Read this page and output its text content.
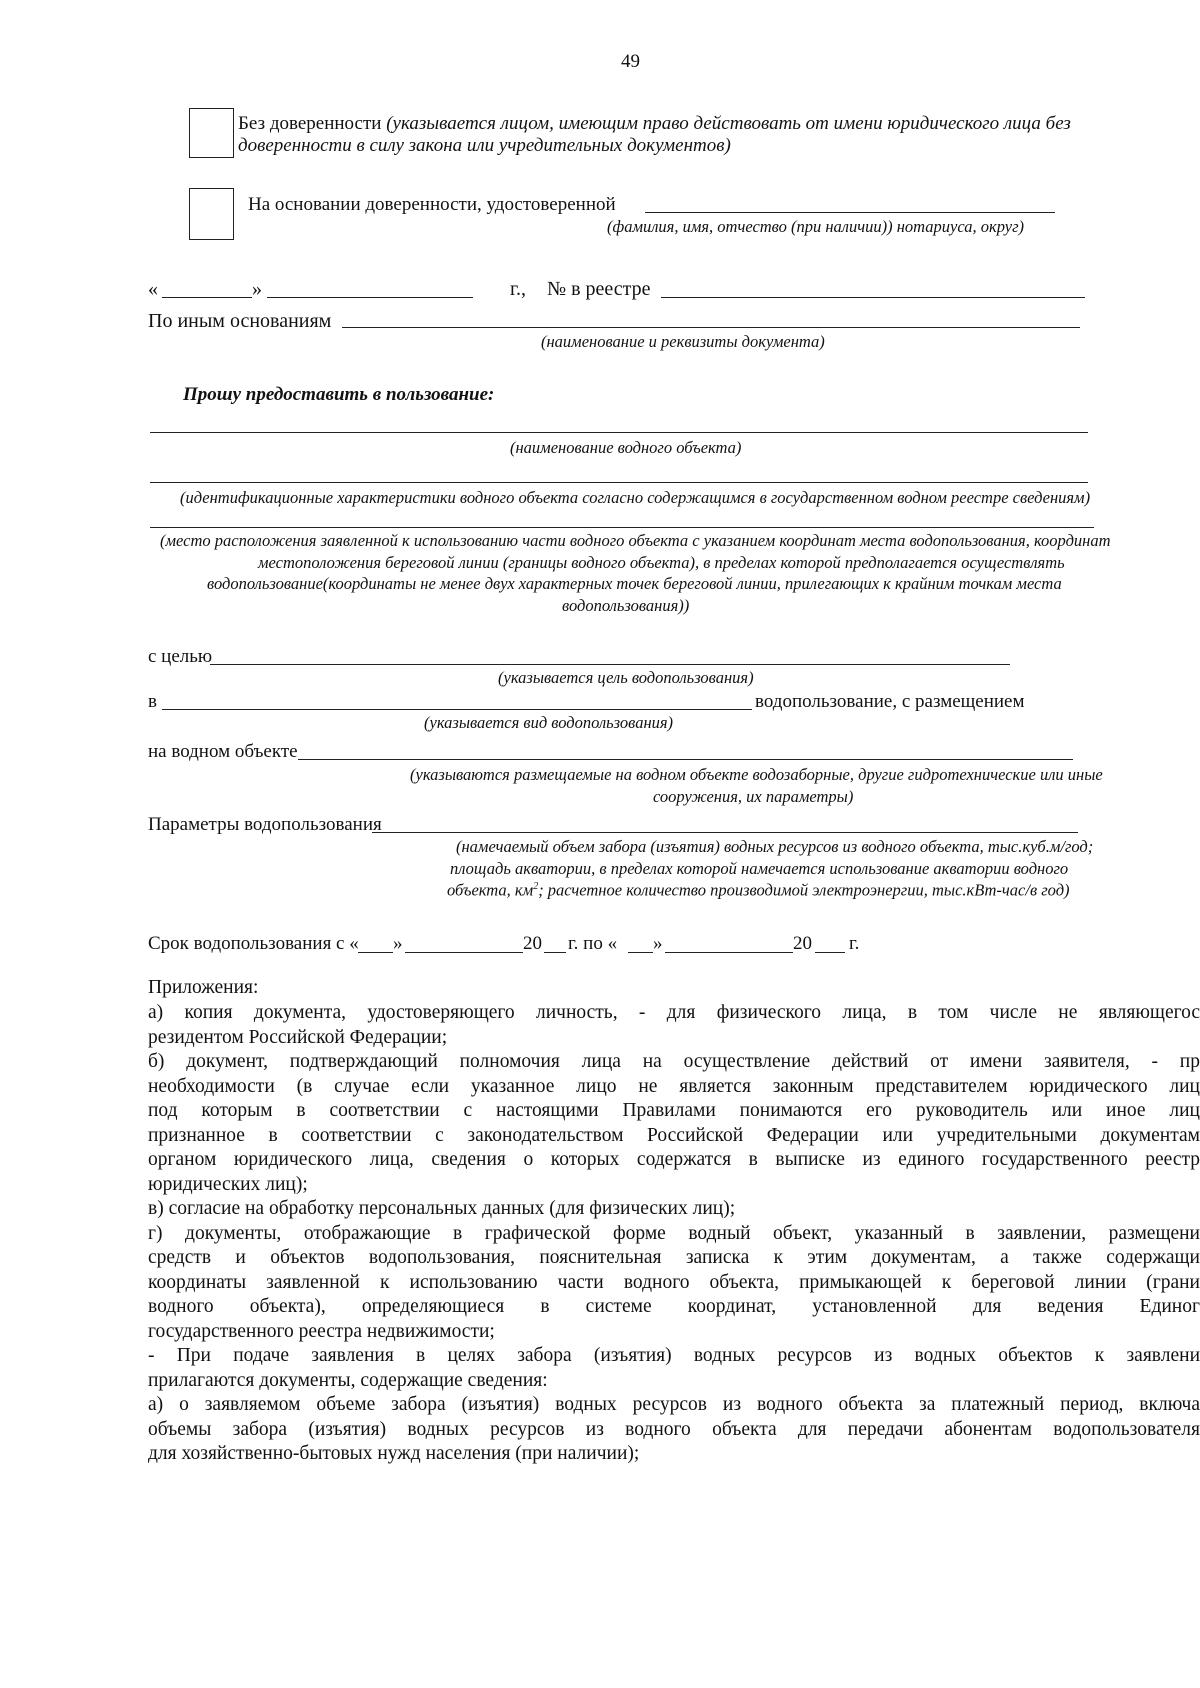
49
Без доверенности (указывается лицом, имеющим право действовать от имени юридического лица без
доверенности в силу закона или учредительных документов)
На основании доверенности, удостоверенной
(фамилия, имя, отчество (при наличии)) нотариуса, округ)
«	»	г., № в реестре
По иным основаниям
(наименование и реквизиты документа)
Прошу предоставить в пользование:
(наименование водного объекта)
(идентификационные характеристики водного объекта согласно содержащимся в государственном водном реестре сведениям)
(место расположения заявленной к использованию части водного объекта с указанием координат места водопользования, координат
местоположения береговой линии (границы водного объекта), в пределах которой предполагается осуществлять
водопользование(координаты не менее двух характерных точек береговой линии, прилегающих к крайним точкам места
водопользования))
с целью
(указывается цель водопользования)
в	водопользование, с размещением
(указывается вид водопользования)
на водном объекте
(указываются размещаемые на водном объекте водозаборные, другие гидротехнические или иные
сооружения, их параметры)
Параметры водопользования
(намечаемый объем забора (изъятия) водных ресурсов из водного объекта, тыс.куб.м/год;
площадь акватории, в пределах которой намечается использование акватории водного
объекта, $км^2$; расчетное количество производимой электроэнергии, тыс.кВт-час/в год)
Срок водопользования с « »	20 г. по « »	20 г.
Приложения:
а) копия документа, удостоверяющего личность, - для физического лица, в том числе не являющегос
резидентом Российской Федерации;
б) документ, подтверждающий полномочия лица на осуществление действий от имени заявителя, - пр
необходимости (в случае если указанное лицо не является законным представителем юридического лиц
под которым в соответствии с настоящими Правилами понимаются его руководитель или иное лиц
признанное в соответствии с законодательством Российской Федерации или учредительными документам
органом юридического лица, сведения о которых содержатся в выписке из единого государственного реестр
юридических лиц);
в) согласие на обработку персональных данных (для физических лиц);
г) документы, отображающие в графической форме водный объект, указанный в заявлении, размещени
средств и объектов водопользования, пояснительная записка к этим документам, а также содержащи
координаты заявленной к использованию части водного объекта, примыкающей к береговой линии (грани
водного объекта), определяющиеся в системе координат, установленной для ведения Единог
государственного реестра недвижимости;
- При подаче заявления в целях забора (изъятия) водных ресурсов из водных объектов к заявлени
прилагаются документы, содержащие сведения:
а) о заявляемом объеме забора (изъятия) водных ресурсов из водного объекта за платежный период, включа
объемы забора (изъятия) водных ресурсов из водного объекта для передачи абонентам водопользователя
для хозяйственно-бытовых нужд населения (при наличии);
